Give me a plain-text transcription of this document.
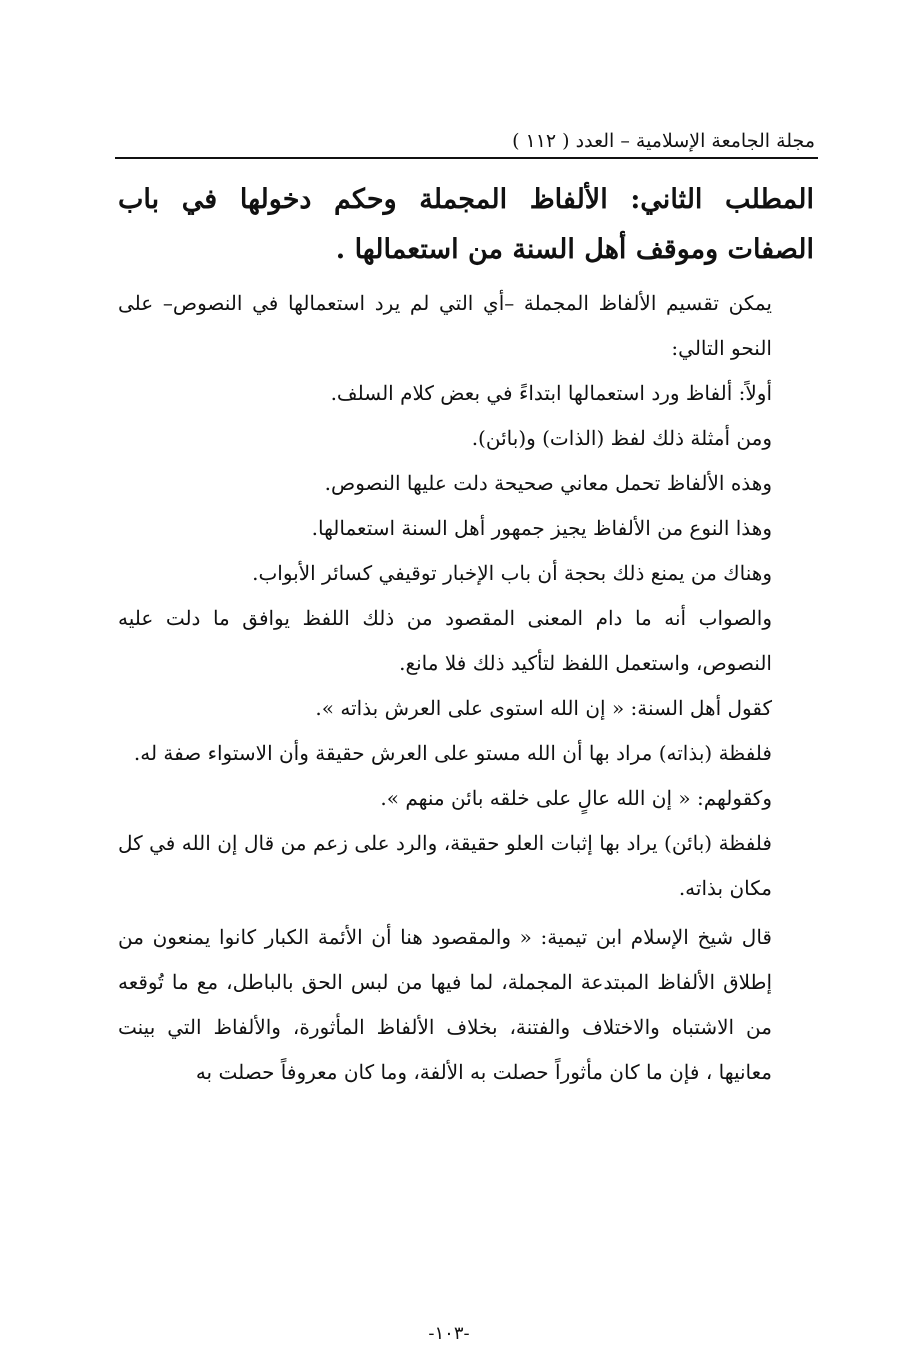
مجلة الجامعة الإسلامية – العدد ( ١١٢ )

المطلب الثاني: الألفاظ المجملة وحكم دخولها في باب الصفات وموقف أهل السنة من استعمالها .

يمكن تقسيم الألفاظ المجملة –أي التي لم يرد استعمالها في النصوص– على النحو التالي:

أولاً: ألفاظ ورد استعمالها ابتداءً في بعض كلام السلف.

ومن أمثلة ذلك لفظ (الذات) و(بائن).

وهذه الألفاظ تحمل معاني صحيحة دلت عليها النصوص.

وهذا النوع من الألفاظ يجيز جمهور أهل السنة استعمالها.

وهناك من يمنع ذلك بحجة أن باب الإخبار توقيفي كسائر الأبواب.

والصواب أنه ما دام المعنى المقصود من ذلك اللفظ يوافق ما دلت عليه النصوص، واستعمل اللفظ لتأكيد ذلك فلا مانع.

كقول أهل السنة: « إن الله استوى على العرش بذاته ».

فلفظة (بذاته) مراد بها أن الله مستو على العرش حقيقة وأن الاستواء صفة له.

وكقولهم: « إن الله عالٍ على خلقه بائن منهم ».

فلفظة (بائن) يراد بها إثبات العلو حقيقة، والرد على زعم من قال إن الله في كل مكان بذاته.

قال شيخ الإسلام ابن تيمية: « والمقصود هنا أن الأئمة الكبار كانوا يمنعون من إطلاق الألفاظ المبتدعة المجملة، لما فيها من لبس الحق بالباطل، مع ما تُوقعه من الاشتباه والاختلاف والفتنة، بخلاف الألفاظ المأثورة، والألفاظ التي بينت معانيها ، فإن ما كان مأثوراً حصلت به الألفة، وما كان معروفاً حصلت به

-١٠٣-
